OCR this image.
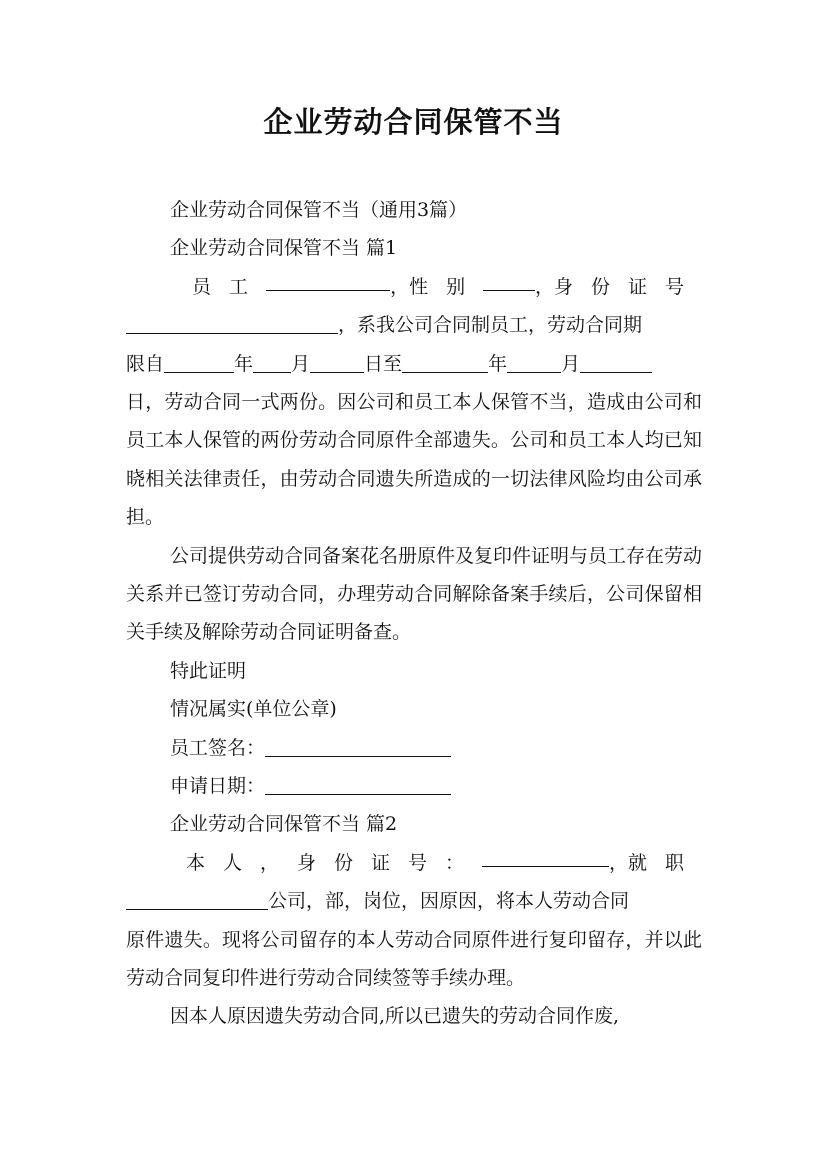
企业劳动合同保管不当
企业劳动合同保管不当（通用3篇）
企业劳动合同保管不当 篇1
员工	， 性别	， 身份证号
，系我公司合同制员工，劳动合同期
限自	年 月	日至	年	月

日，劳动合同一式两份。因公司和员工本人保管不当，造成由公司和员工本人保管的两份劳动合同原件全部遗失。公司和员工本人均已知晓相关法律责任，由劳动合同遗失所造成的一切法律风险均由公司承担。

公司提供劳动合同备案花名册原件及复印件证明与员工存在劳动关系并已签订劳动合同，办理劳动合同解除备案手续后，公司保留相关手续及解除劳动合同证明备查。

特此证明
情况属实(单位公章)
员工签名：
申请日期：
企业劳动合同保管不当 篇2
本人， 身份证号：	， 就职
公司，部，岗位，因原因，将本人劳动合同

原件遗失。现将公司留存的本人劳动合同原件进行复印留存，并以此劳动合同复印件进行劳动合同续签等手续办理。

因本人原因遗失劳动合同,所以已遗失的劳动合同作废,
